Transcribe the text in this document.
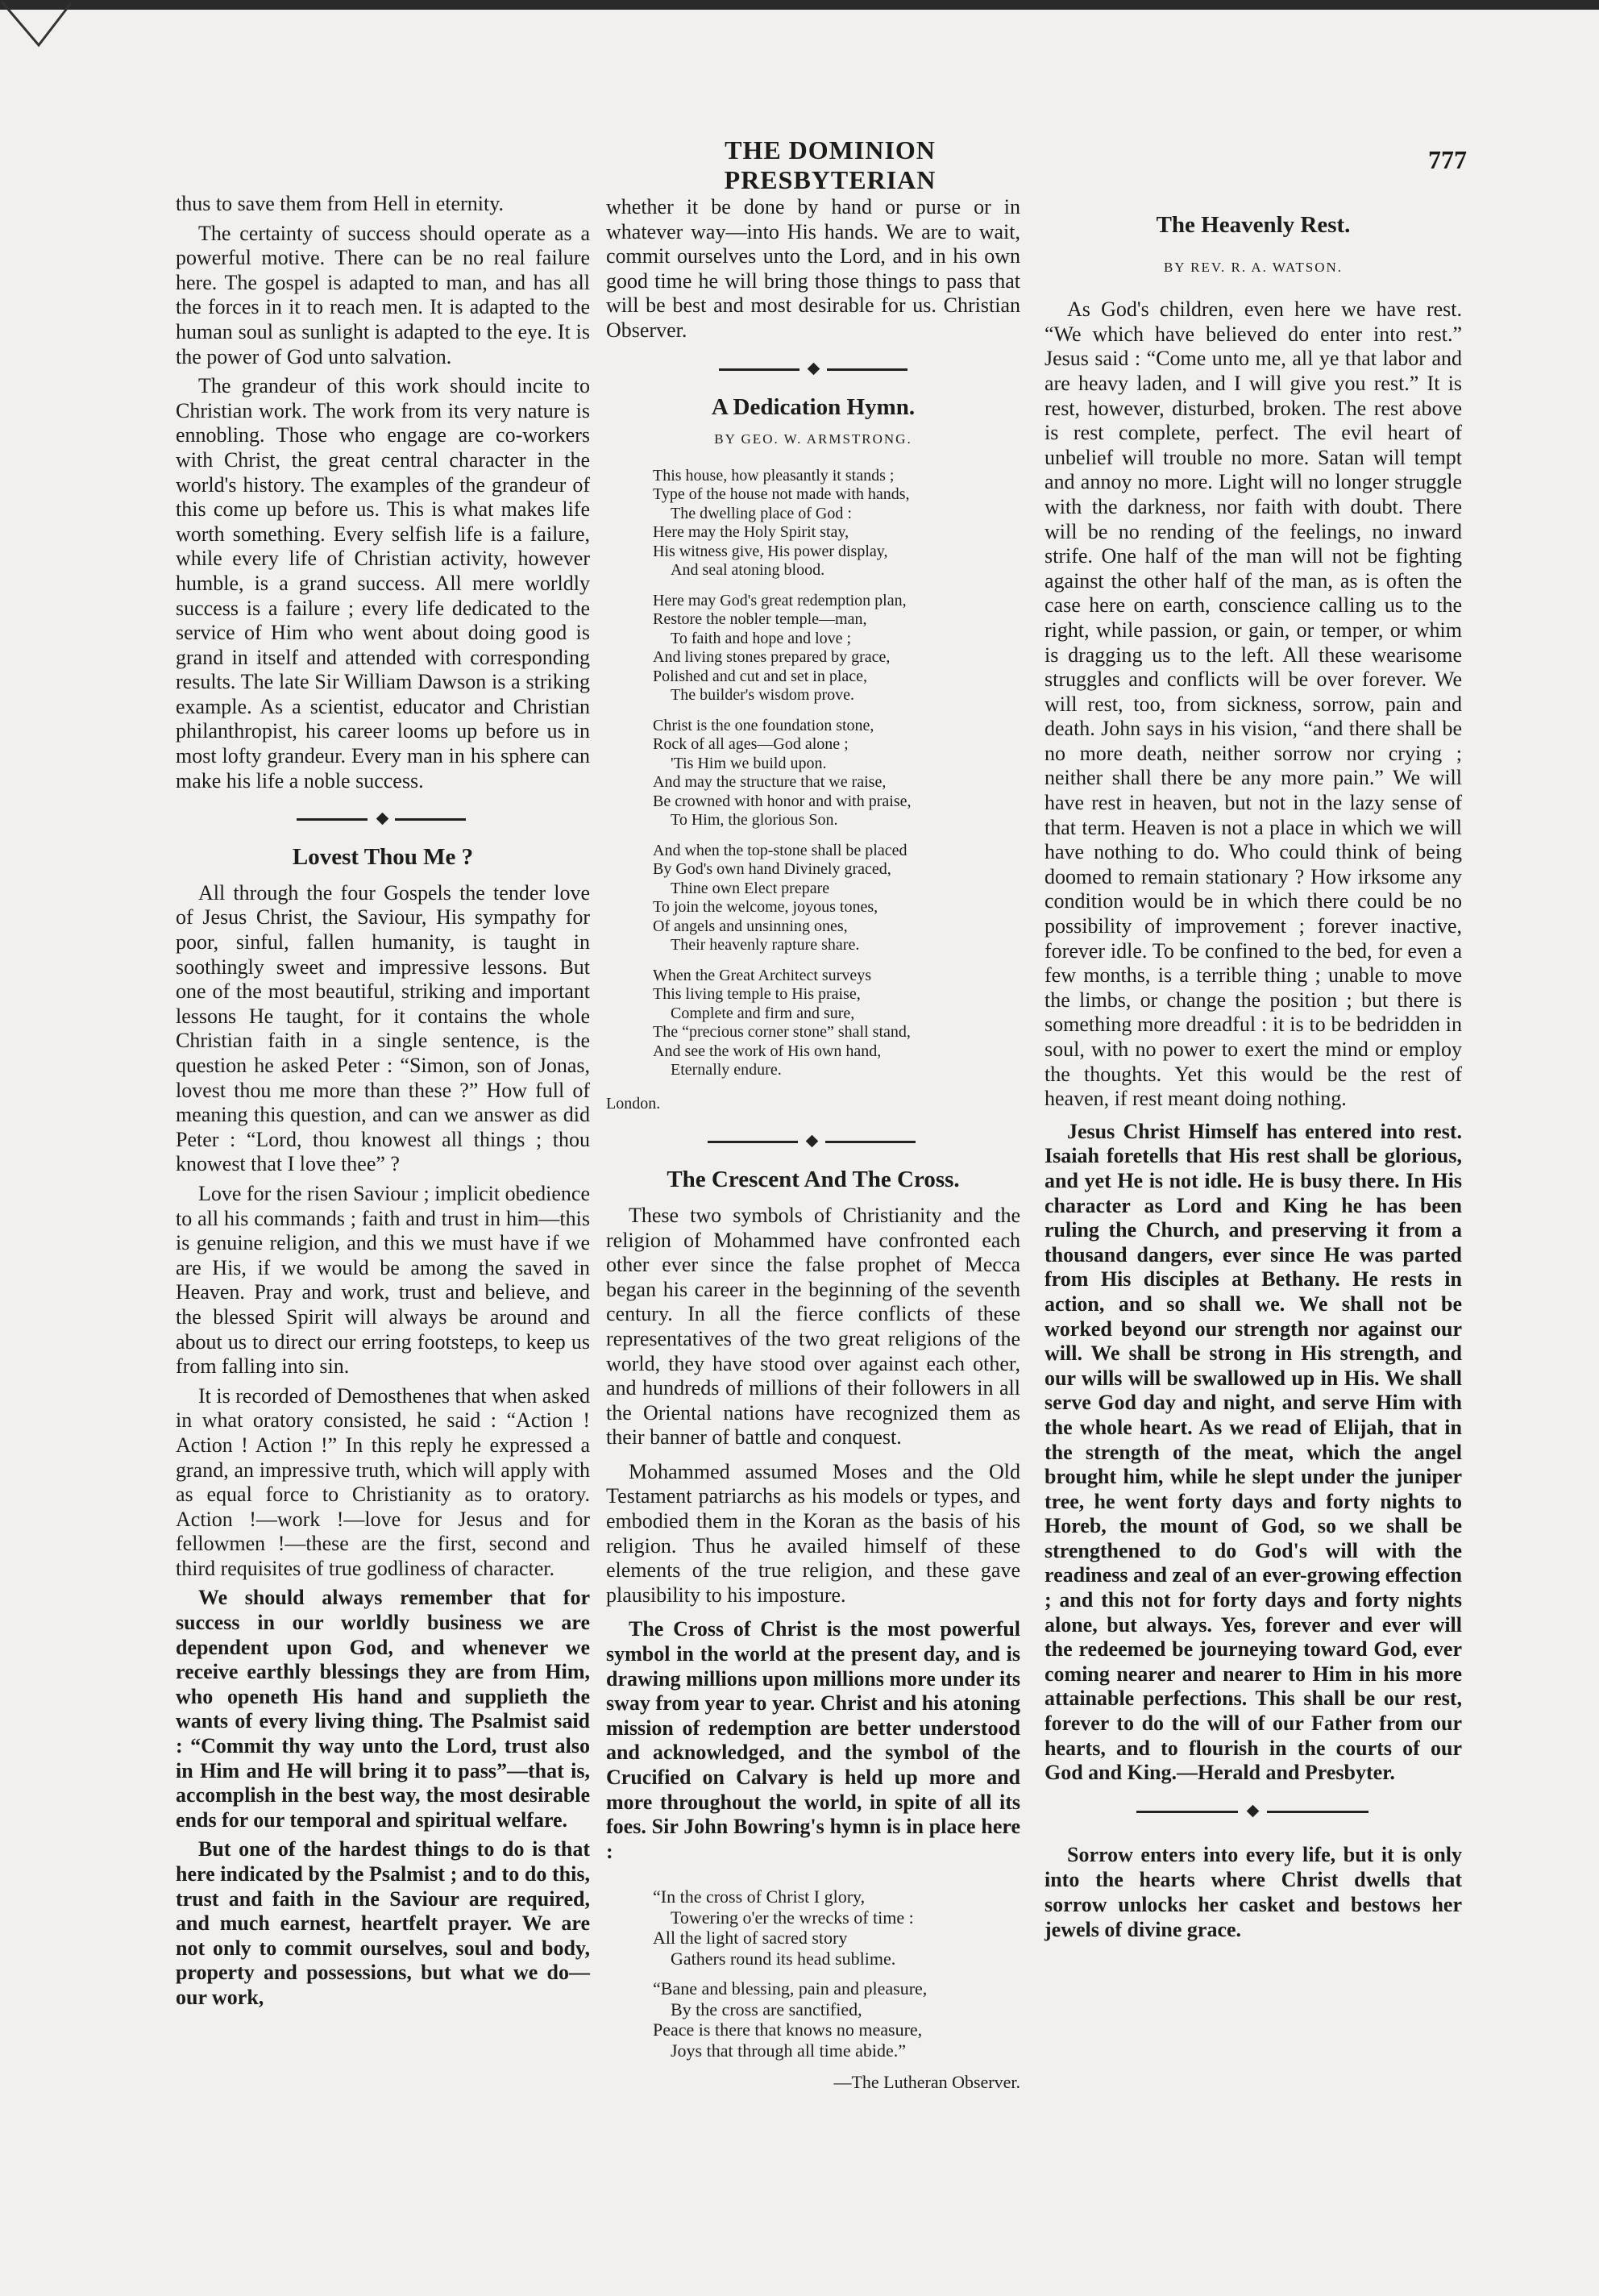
THE DOMINION PRESBYTERIAN
777

thus to save them from Hell in eternity.

The certainty of success should operate as a powerful motive. There can be no real failure here. The gospel is adapted to man, and has all the forces in it to reach men. It is adapted to the human soul as sunlight is adapted to the eye. It is the power of God unto salvation.

The grandeur of this work should incite to Christian work. The work from its very nature is ennobling. Those who engage are co-workers with Christ, the great central character in the world's history. The examples of the grandeur of this come up before us. This is what makes life worth something. Every selfish life is a failure, while every life of Christian activity, however humble, is a grand success. All mere worldly success is a failure ; every life dedicated to the service of Him who went about doing good is grand in itself and attended with corresponding results. The late Sir William Dawson is a striking example. As a scientist, educator and Christian philanthropist, his career looms up before us in most lofty grandeur. Every man in his sphere can make his life a noble success.

Lovest Thou Me ?

All through the four Gospels the tender love of Jesus Christ, the Saviour, His sympathy for poor, sinful, fallen humanity, is taught in soothingly sweet and impressive lessons. But one of the most beautiful, striking and important lessons He taught, for it contains the whole Christian faith in a single sentence, is the question he asked Peter : “Simon, son of Jonas, lovest thou me more than these ?” How full of meaning this question, and can we answer as did Peter : “Lord, thou knowest all things ; thou knowest that I love thee” ?

Love for the risen Saviour ; implicit obedience to all his commands ; faith and trust in him—this is genuine religion, and this we must have if we are His, if we would be among the saved in Heaven. Pray and work, trust and believe, and the blessed Spirit will always be around and about us to direct our erring footsteps, to keep us from falling into sin.

It is recorded of Demosthenes that when asked in what oratory consisted, he said : “Action ! Action ! Action !” In this reply he expressed a grand, an impressive truth, which will apply with as equal force to Christianity as to oratory. Action !—work !—love for Jesus and for fellowmen !—these are the first, second and third requisites of true godliness of character.

We should always remember that for success in our worldly business we are dependent upon God, and whenever we receive earthly blessings they are from Him, who openeth His hand and supplieth the wants of every living thing. The Psalmist said : “Commit thy way unto the Lord, trust also in Him and He will bring it to pass”—that is, accomplish in the best way, the most desirable ends for our temporal and spiritual welfare.

But one of the hardest things to do is that here indicated by the Psalmist ; and to do this, trust and faith in the Saviour are required, and much earnest, heartfelt prayer. We are not only to commit ourselves, soul and body, property and possessions, but what we do—our work,

whether it be done by hand or purse or in whatever way—into His hands. We are to wait, commit ourselves unto the Lord, and in his own good time he will bring those things to pass that will be best and most desirable for us. Christian Observer.

A Dedication Hymn.
BY GEO. W. ARMSTRONG.
This house, how pleasantly it stands ;
Type of the house not made with hands,
The dwelling place of God :
Here may the Holy Spirit stay,
His witness give, His power display,
And seal atoning blood.
Here may God's great redemption plan,
Restore the nobler temple—man,
To faith and hope and love ;
And living stones prepared by grace,
Polished and cut and set in place,
The builder's wisdom prove.
Christ is the one foundation stone,
Rock of all ages—God alone ;
'Tis Him we build upon.
And may the structure that we raise,
Be crowned with honor and with praise,
To Him, the glorious Son.
And when the top-stone shall be placed
By God's own hand Divinely graced,
Thine own Elect prepare
To join the welcome, joyous tones,
Of angels and unsinning ones,
Their heavenly rapture share.
When the Great Architect surveys
This living temple to His praise,
Complete and firm and sure,
The “precious corner stone” shall stand,
And see the work of His own hand,
Eternally endure.
London.
The Crescent And The Cross.

These two symbols of Christianity and the religion of Mohammed have confronted each other ever since the false prophet of Mecca began his career in the beginning of the seventh century. In all the fierce conflicts of these representatives of the two great religions of the world, they have stood over against each other, and hundreds of millions of their followers in all the Oriental nations have recognized them as their banner of battle and conquest.

Mohammed assumed Moses and the Old Testament patriarchs as his models or types, and embodied them in the Koran as the basis of his religion. Thus he availed himself of these elements of the true religion, and these gave plausibility to his imposture.

The Cross of Christ is the most powerful symbol in the world at the present day, and is drawing millions upon millions more under its sway from year to year. Christ and his atoning mission of redemption are better understood and acknowledged, and the symbol of the Crucified on Calvary is held up more and more throughout the world, in spite of all its foes. Sir John Bowring's hymn is in place here :

“In the cross of Christ I glory,
Towering o'er the wrecks of time :
All the light of sacred story
Gathers round its head sublime.
“Bane and blessing, pain and pleasure,
By the cross are sanctified,
Peace is there that knows no measure,
Joys that through all time abide.”
—The Lutheran Observer.
The Heavenly Rest.
BY REV. R. A. WATSON.

As God's children, even here we have rest. “We which have believed do enter into rest.” Jesus said : “Come unto me, all ye that labor and are heavy laden, and I will give you rest.” It is rest, however, disturbed, broken. The rest above is rest complete, perfect. The evil heart of unbelief will trouble no more. Satan will tempt and annoy no more. Light will no longer struggle with the darkness, nor faith with doubt. There will be no rending of the feelings, no inward strife. One half of the man will not be fighting against the other half of the man, as is often the case here on earth, conscience calling us to the right, while passion, or gain, or temper, or whim is dragging us to the left. All these wearisome struggles and conflicts will be over forever. We will rest, too, from sickness, sorrow, pain and death. John says in his vision, “and there shall be no more death, neither sorrow nor crying ; neither shall there be any more pain.” We will have rest in heaven, but not in the lazy sense of that term. Heaven is not a place in which we will have nothing to do. Who could think of being doomed to remain stationary ? How irksome any condition would be in which there could be no possibility of improvement ; forever inactive, forever idle. To be confined to the bed, for even a few months, is a terrible thing ; unable to move the limbs, or change the position ; but there is something more dreadful : it is to be bedridden in soul, with no power to exert the mind or employ the thoughts. Yet this would be the rest of heaven, if rest meant doing nothing.

Jesus Christ Himself has entered into rest. Isaiah foretells that His rest shall be glorious, and yet He is not idle. He is busy there. In His character as Lord and King he has been ruling the Church, and preserving it from a thousand dangers, ever since He was parted from His disciples at Bethany. He rests in action, and so shall we. We shall not be worked beyond our strength nor against our will. We shall be strong in His strength, and our wills will be swallowed up in His. We shall serve God day and night, and serve Him with the whole heart. As we read of Elijah, that in the strength of the meat, which the angel brought him, while he slept under the juniper tree, he went forty days and forty nights to Horeb, the mount of God, so we shall be strengthened to do God's will with the readiness and zeal of an ever-growing effection ; and this not for forty days and forty nights alone, but always. Yes, forever and ever will the redeemed be journeying toward God, ever coming nearer and nearer to Him in his more attainable perfections. This shall be our rest, forever to do the will of our Father from our hearts, and to flourish in the courts of our God and King.—Herald and Presbyter.

Sorrow enters into every life, but it is only into the hearts where Christ dwells that sorrow unlocks her casket and bestows her jewels of divine grace.
